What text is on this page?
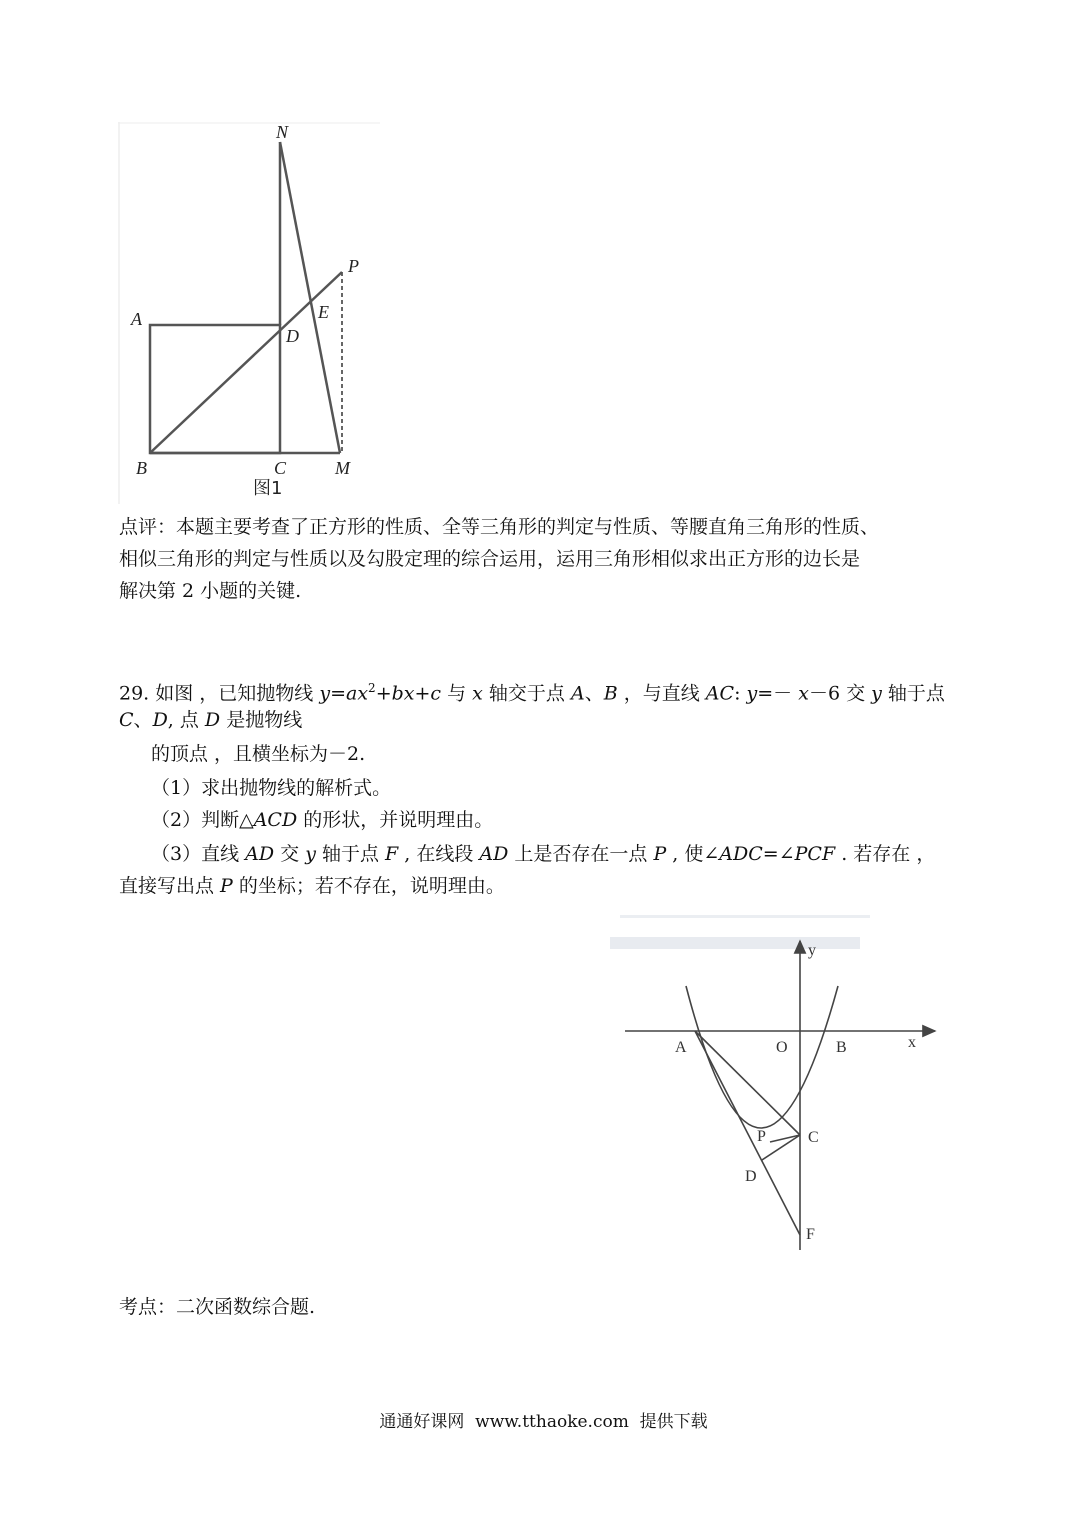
N
P
A
D
E
B	C	M
图1
点评：本题主要考查了正方形的性质、全等三角形的判定与性质、等腰直角三角形的性质、
相似三角形的判定与性质以及勾股定理的综合运用，运用三角形相似求出正方形的边长是
解决第 2 小题的关键.
29. 如图 ，已知抛物线 $y=ax^2+bx+c$ 与 x 轴交于点 A、B ，与直线 AC: y=－ x－6 交 y 轴于点
C、D, 点 D 是抛物线
的顶点 ，且横坐标为－2.
（1）求出抛物线的解析式。
（2）判断△ACD 的形状，并说明理由。
（3）直线 AD 交 y 轴于点 F , 在线段 AD 上是否存在一点 P , 使∠ADC=∠PCF . 若存在 ，
直接写出点 P 的坐标；若不存在，说明理由。
y
x
A	O	B
P	C
D
F
考点：二次函数综合题.
通通好课网  www.tthaoke.com  提供下载
